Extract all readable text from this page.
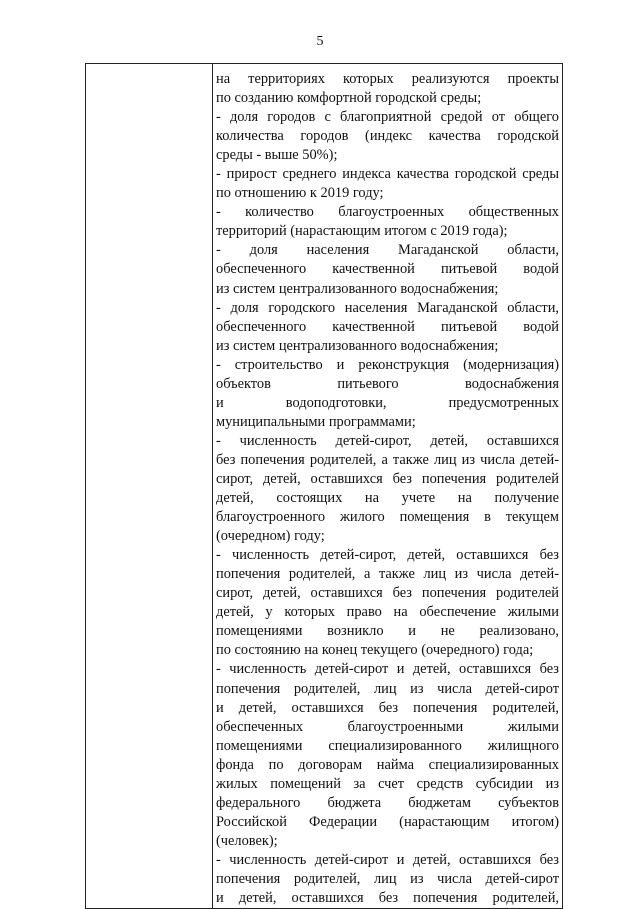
5

на территориях которых реализуются проекты
по созданию комфортной городской среды;
- доля городов с благоприятной средой от общего
количества городов (индекс качества городской
среды - выше 50%);
- прирост среднего индекса качества городской среды
по отношению к 2019 году;
- количество благоустроенных общественных
территорий (нарастающим итогом с 2019 года);
- доля населения Магаданской области,
обеспеченного качественной питьевой водой
из систем централизованного водоснабжения;
- доля городского населения Магаданской области,
обеспеченного качественной питьевой водой
из систем централизованного водоснабжения;
- строительство и реконструкция (модернизация)
объектов питьевого водоснабжения
и водоподготовки, предусмотренных
муниципальными программами;
- численность детей-сирот, детей, оставшихся
без попечения родителей, а также лиц из числа детей-
сирот, детей, оставшихся без попечения родителей
детей, состоящих на учете на получение
благоустроенного жилого помещения в текущем
(очередном) году;
- численность детей-сирот, детей, оставшихся без
попечения родителей, а также лиц из числа детей-
сирот, детей, оставшихся без попечения родителей
детей, у которых право на обеспечение жилыми
помещениями возникло и не реализовано,
по состоянию на конец текущего (очередного) года;
- численность детей-сирот и детей, оставшихся без
попечения родителей, лиц из числа детей-сирот
и детей, оставшихся без попечения родителей,
обеспеченных благоустроенными жилыми
помещениями специализированного жилищного
фонда по договорам найма специализированных
жилых помещений за счет средств субсидии из
федерального бюджета бюджетам субъектов
Российской Федерации (нарастающим итогом)
(человек);
- численность детей-сирот и детей, оставшихся без
попечения родителей, лиц из числа детей-сирот
и детей, оставшихся без попечения родителей,
